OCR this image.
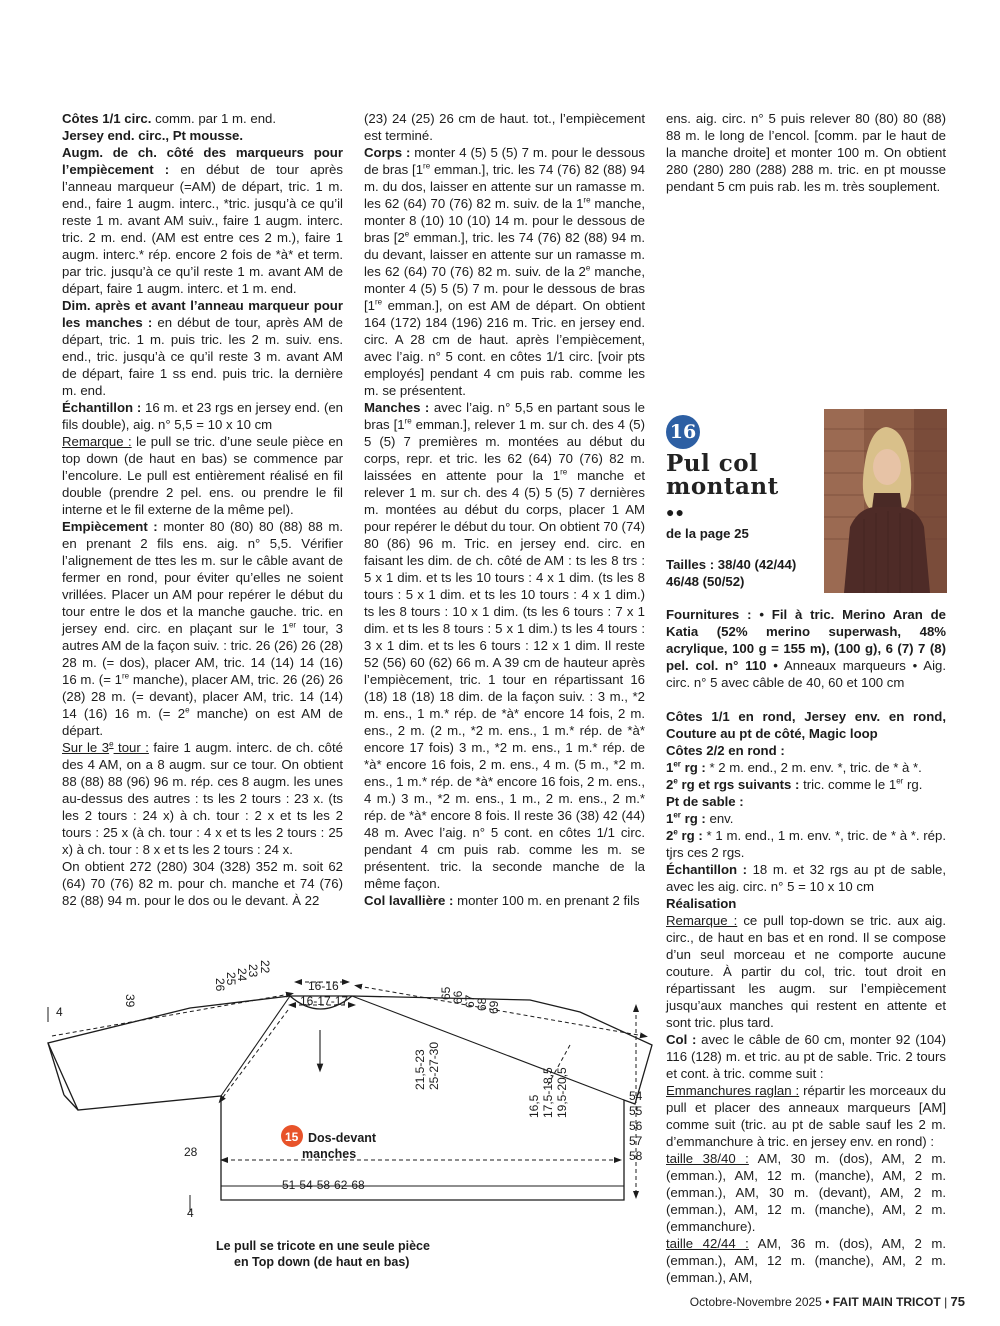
Côtes 1/1 circ. comm. par 1 m. end.

Jersey end. circ., Pt mousse.

Augm. de ch. côté des marqueurs pour l’empiècement : en début de tour après l’anneau marqueur (=AM) de départ, tric. 1 m. end., faire 1 augm. interc., *tric. jusqu’à ce qu’il reste 1 m. avant AM suiv., faire 1 augm. interc. tric. 2 m. end. (AM est entre ces 2 m.), faire 1 augm. interc.* rép. encore 2 fois de *à* et term. par tric. jusqu’à ce qu’il reste 1 m. avant AM de départ, faire 1 augm. interc. et 1 m. end.

Dim. après et avant l’anneau marqueur pour les manches : en début de tour, après AM de départ, tric. 1 m. puis tric. les 2 m. suiv. ens. end., tric. jusqu’à ce qu’il reste 3 m. avant AM de départ, faire 1 ss end. puis tric. la dernière m. end.

Échantillon : 16 m. et 23 rgs en jersey end. (en fils double), aig. n° 5,5 = 10 x 10 cm

Remarque : le pull se tric. d’une seule pièce en top down (de haut en bas) se commence par l’encolure. Le pull est entièrement réalisé en fil double (prendre 2 pel. ens. ou prendre le fil interne et le fil externe de la même pel).

Empiècement : monter 80 (80) 80 (88) 88 m. en prenant 2 fils ens. aig. n° 5,5. Vérifier l’alignement de ttes les m. sur le câble avant de fermer en rond, pour éviter qu’elles ne soient vrillées. Placer un AM pour repérer le début du tour entre le dos et la manche gauche. tric. en jersey end. circ. en plaçant sur le 1er tour, 3 autres AM de la façon suiv. : tric. 26 (26) 26 (28) 28 m. (= dos), placer AM, tric. 14 (14) 14 (16) 16 m. (= 1re manche), placer AM, tric. 26 (26) 26 (28) 28 m. (= devant), placer AM, tric. 14 (14) 14 (16) 16 m. (= $2^e$ manche) on est AM de départ.

Sur le 3e tour : faire 1 augm. interc. de ch. côté des 4 AM, on a 8 augm. sur ce tour. On obtient 88 (88) 88 (96) 96 m. rép. ces 8 augm. les unes au-dessus des autres : ts les 2 tours : 23 x. (ts les 2 tours : 24 x) à ch. tour : 2 x et ts les 2 tours : 25 x (à ch. tour : 4 x et ts les 2 tours : 25 x) à ch. tour : 8 x et ts les 2 tours : 24 x.

On obtient 272 (280) 304 (328) 352 m. soit 62 (64) 70 (76) 82 m. pour ch. manche et 74 (76) 82 (88) 94 m. pour le dos ou le devant. À 22

(23) 24 (25) 26 cm de haut. tot., l’empiècement est terminé.

Corps : monter 4 (5) 5 (5) 7 m. pour le dessous de bras [1re emman.], tric. les 74 (76) 82 (88) 94 m. du dos, laisser en attente sur un ramasse m. les 62 (64) 70 (76) 82 m. suiv. de la 1re manche, monter 8 (10) 10 (10) 14 m. pour le dessous de bras [2e emman.], tric. les 74 (76) 82 (88) 94 m. du devant, laisser en attente sur un ramasse m. les 62 (64) 70 (76) 82 m. suiv. de la 2e manche, monter 4 (5) 5 (5) 7 m. pour le dessous de bras [1re emman.], on est AM de départ. On obtient 164 (172) 184 (196) 216 m. Tric. en jersey end. circ. A 28 cm de haut. après l’empiècement, avec l’aig. n° 5 cont. en côtes 1/1 circ. [voir pts employés] pendant 4 cm puis rab. comme les m. se présentent.

Manches : avec l’aig. n° 5,5 en partant sous le bras [1re emman.], relever 1 m. sur ch. des 4 (5) 5 (5) 7 premières m. montées au début du corps, repr. et tric. les 62 (64) 70 (76) 82 m. laissées en attente pour la 1re manche et relever 1 m. sur ch. des 4 (5) 5 (5) 7 dernières m. montées au début du corps, placer 1 AM pour repérer le début du tour. On obtient 70 (74) 80 (86) 96 m. Tric. en jersey end. circ. en faisant les dim. de ch. côté de AM : ts les 8 trs : 5 x 1 dim. et ts les 10 tours : 4 x 1 dim. (ts les 8 tours : 5 x 1 dim. et ts les 10 tours : 4 x 1 dim.) ts les 8 tours : 10 x 1 dim. (ts les 6 tours : 7 x 1 dim. et ts les 8 tours : 5 x 1 dim.) ts les 4 tours : 3 x 1 dim. et ts les 6 tours : 12 x 1 dim. Il reste 52 (56) 60 (62) 66 m. A 39 cm de hauteur après l’empiècement, tric. 1 tour en répartissant 16 (18) 18 (18) 18 dim. de la façon suiv. : 3 m., *2 m. ens., 1 m.* rép. de *à* encore 14 fois, 2 m. ens., 2 m. (2 m., *2 m. ens., 1 m.* rép. de *à* encore 17 fois) 3 m., *2 m. ens., 1 m.* rép. de *à* encore 16 fois, 2 m. ens., 4 m. (5 m., *2 m. ens., 1 m.* rép. de *à* encore 16 fois, 2 m. ens., 4 m.) 3 m., *2 m. ens., 1 m., 2 m. ens., 2 m.* rép. de *à* encore 8 fois. Il reste 36 (38) 42 (44) 48 m. Avec l’aig. n° 5 cont. en côtes 1/1 circ. pendant 4 cm puis rab. comme les m. se présentent. tric. la seconde manche de la même façon.

Col lavallière : monter 100 m. en prenant 2 fils

ens. aig. circ. n° 5 puis relever 80 (80) 80 (88) 88 m. le long de l’encol. [comm. par le haut de la manche droite] et monter 100 m. On obtient 280 (280) 280 (288) 288 m. tric. en pt mousse pendant 5 cm puis rab. les m. très souplement.

16
Pul col
montant
●●
de la page 25
Tailles : 38/40 (42/44)
46/48 (50/52)

Fournitures : • Fil à tric. Merino Aran de Katia (52% merino superwash, 48% acrylique, 100 g = 155 m), (100 g), 6 (7) 7 (8) pel. col. n° 110 • Anneaux marqueurs • Aig. circ. n° 5 avec câble de 40, 60 et 100 cm

Côtes 1/1 en rond, Jersey env. en rond, Couture au pt de côté, Magic loop

Côtes 2/2 en rond :

1er rg : * 2 m. end., 2 m. env. *, tric. de * à *.

2e rg et rgs suivants : tric. comme le 1er rg.

Pt de sable :

1er rg : env.

2e rg : * 1 m. end., 1 m. env. *, tric. de * à *. rép. tjrs ces 2 rgs.

Échantillon : 18 m. et 32 rgs au pt de sable, avec les aig. circ. n° 5 = 10 x 10 cm

Réalisation

Remarque : ce pull top-down se tric. aux aig. circ., de haut en bas et en rond. Il se compose d’un seul morceau et ne comporte aucune couture. À partir du col, tric. tout droit en répartissant les augm. sur l’empiècement jusqu’aux manches qui restent en attente et sont tric. plus tard.

Col : avec le câble de 60 cm, monter 92 (104) 116 (128) m. et tric. au pt de sable. Tric. 2 tours et cont. à tric. comme suit :

Emmanchures raglan : répartir les morceaux du pull et placer des anneaux marqueurs [AM] comme suit (tric. au pt de sable sauf les 2 m. d’emmanchure à tric. en jersey env. en rond) :

taille 38/40 : AM, 30 m. (dos), AM, 2 m. (emman.), AM, 12 m. (manche), AM, 2 m. (emman.), AM, 30 m. (devant), AM, 2 m. (emman.), AM, 12 m. (manche), AM, 2 m. (emmanchure).

taille 42/44 : AM, 36 m. (dos), AM, 2 m. (emman.), AM, 12 m. (manche), AM, 2 m. (emman.), AM,

4
39
26
25
24
23
22
16-16
16-17-17
65
66
67
68
69
21,5-23 25-27-30
16,5 17,5-18,5 19,5-20,5	54
55
56
57
58
28
51-54-58-62-68
4
15 Dos-devant
manches
Le pull se tricote en une seule pièce
en Top down (de haut en bas)
Octobre-Novembre 2025 • FAIT MAIN TRICOT | 75
